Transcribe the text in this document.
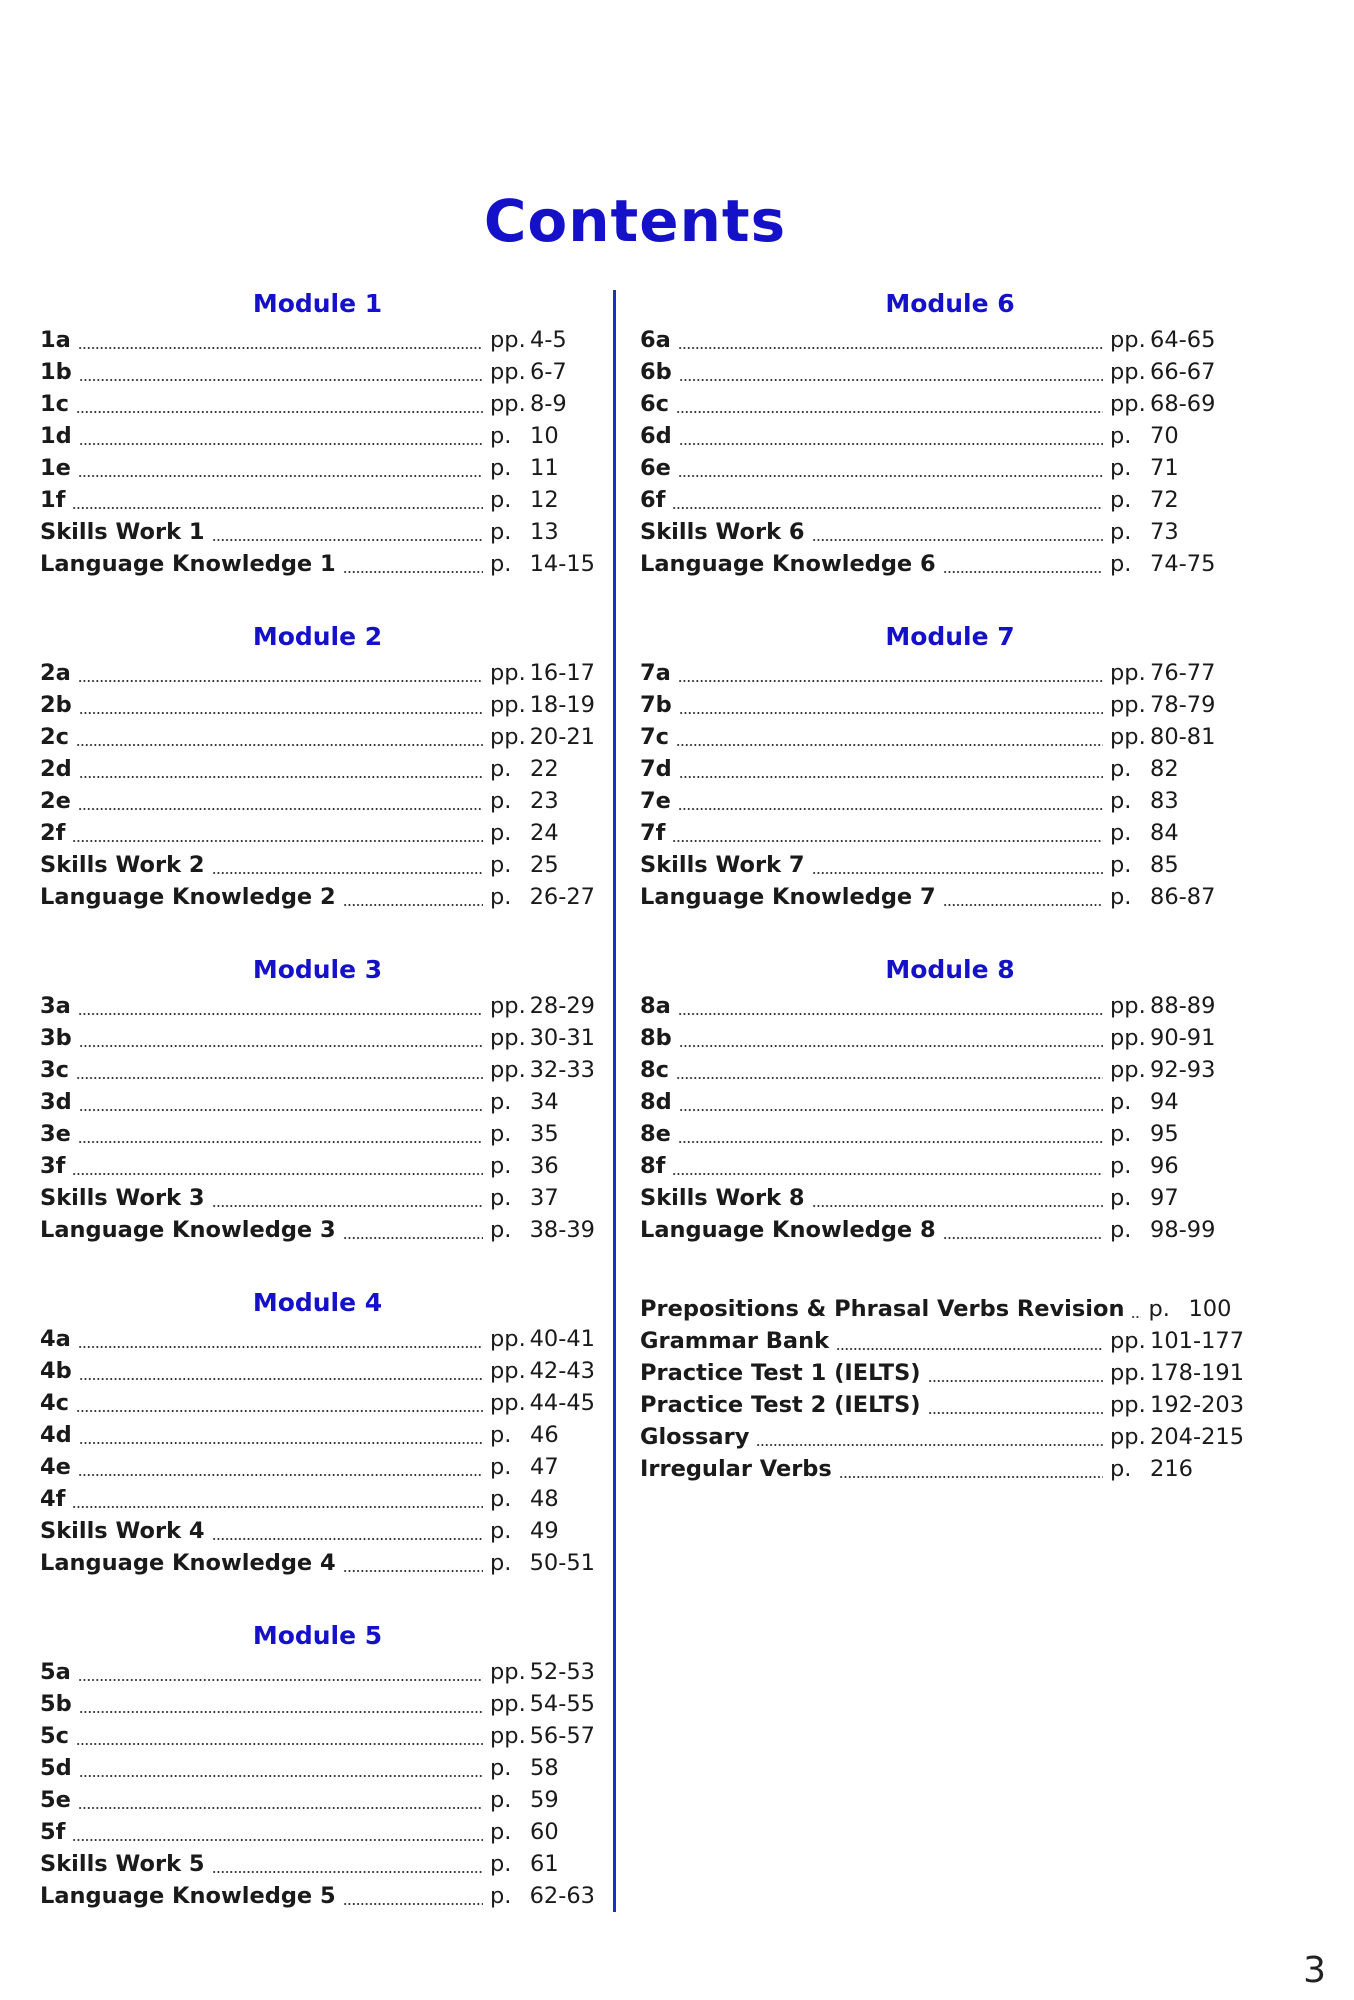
Contents
Module 1
1a	pp. 4-5
1b	pp. 6-7
1c	pp. 8-9
1d	p. 10
1e	p. 11
1f	p. 12
Skills Work 1	p. 13
Language Knowledge 1	p. 14-15
Module 2
2a	pp. 16-17
2b	pp. 18-19
2c	pp. 20-21
2d	p. 22
2e	p. 23
2f	p. 24
Skills Work 2	p. 25
Language Knowledge 2	p. 26-27
Module 3
3a	pp. 28-29
3b	pp. 30-31
3c	pp. 32-33
3d	p. 34
3e	p. 35
3f	p. 36
Skills Work 3	p. 37
Language Knowledge 3	p. 38-39
Module 4
4a	pp. 40-41
4b	pp. 42-43
4c	pp. 44-45
4d	p. 46
4e	p. 47
4f	p. 48
Skills Work 4	p. 49
Language Knowledge 4	p. 50-51
Module 5
5a	pp. 52-53
5b	pp. 54-55
5c	pp. 56-57
5d	p. 58
5e	p. 59
5f	p. 60
Skills Work 5	p. 61
Language Knowledge 5	p. 62-63
Module 6
6a	pp. 64-65
6b	pp. 66-67
6c	pp. 68-69
6d	p. 70
6e	p. 71
6f	p. 72
Skills Work 6	p. 73
Language Knowledge 6	p. 74-75
Module 7
7a	pp. 76-77
7b	pp. 78-79
7c	pp. 80-81
7d	p. 82
7e	p. 83
7f	p. 84
Skills Work 7	p. 85
Language Knowledge 7	p. 86-87
Module 8
8a	pp. 88-89
8b	pp. 90-91
8c	pp. 92-93
8d	p. 94
8e	p. 95
8f	p. 96
Skills Work 8	p. 97
Language Knowledge 8	p. 98-99
Prepositions & Phrasal Verbs Revision p. 100
Grammar Bank	pp. 101-177
Practice Test 1 (IELTS)	pp. 178-191
Practice Test 2 (IELTS)	pp. 192-203
Glossary	pp. 204-215
Irregular Verbs	p. 216
3
